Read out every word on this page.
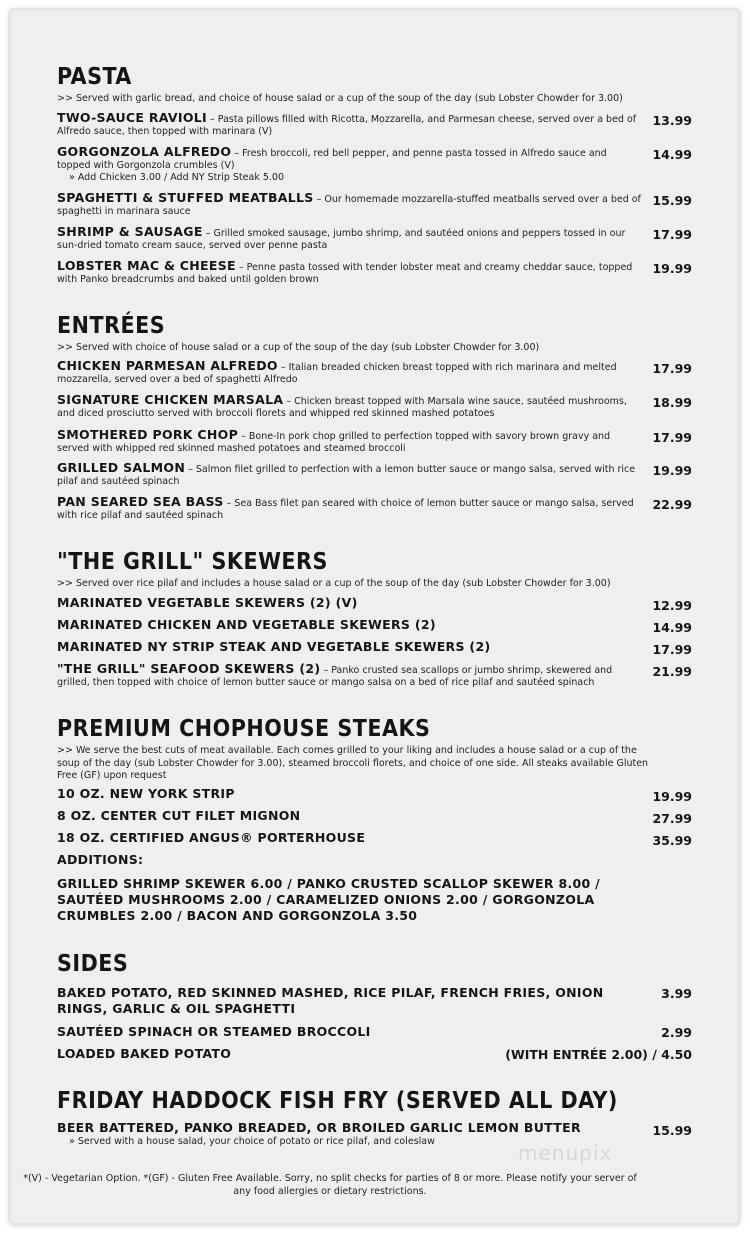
PASTA
>> Served with garlic bread, and choice of house salad or a cup of the soup of the day (sub Lobster Chowder for 3.00)
TWO-SAUCE RAVIOLI – Pasta pillows filled with Ricotta, Mozzarella, and Parmesan cheese, served over a bed of Alfredo sauce, then topped with marinara (V)
13.99
GORGONZOLA ALFREDO – Fresh broccoli, red bell pepper, and penne pasta tossed in Alfredo sauce and topped with Gorgonzola crumbles (V)
» Add Chicken 3.00 / Add NY Strip Steak 5.00
14.99
SPAGHETTI & STUFFED MEATBALLS – Our homemade mozzarella-stuffed meatballs served over a bed of spaghetti in marinara sauce
15.99
SHRIMP & SAUSAGE – Grilled smoked sausage, jumbo shrimp, and sautéed onions and peppers tossed in our sun-dried tomato cream sauce, served over penne pasta
17.99
LOBSTER MAC & CHEESE – Penne pasta tossed with tender lobster meat and creamy cheddar sauce, topped with Panko breadcrumbs and baked until golden brown
19.99
ENTRÉES
>> Served with choice of house salad or a cup of the soup of the day (sub Lobster Chowder for 3.00)
CHICKEN PARMESAN ALFREDO – Italian breaded chicken breast topped with rich marinara and melted mozzarella, served over a bed of spaghetti Alfredo
17.99
SIGNATURE CHICKEN MARSALA – Chicken breast topped with Marsala wine sauce, sautéed mushrooms, and diced prosciutto served with broccoli florets and whipped red skinned mashed potatoes
18.99
SMOTHERED PORK CHOP – Bone-In pork chop grilled to perfection topped with savory brown gravy and served with whipped red skinned mashed potatoes and steamed broccoli
17.99
GRILLED SALMON – Salmon filet grilled to perfection with a lemon butter sauce or mango salsa, served with rice pilaf and sautéed spinach
19.99
PAN SEARED SEA BASS – Sea Bass filet pan seared with choice of lemon butter sauce or mango salsa, served with rice pilaf and sautéed spinach
22.99
"THE GRILL" SKEWERS
>> Served over rice pilaf and includes a house salad or a cup of the soup of the day (sub Lobster Chowder for 3.00)
MARINATED VEGETABLE SKEWERS (2) (V)	12.99
MARINATED CHICKEN AND VEGETABLE SKEWERS (2)	14.99
MARINATED NY STRIP STEAK AND VEGETABLE SKEWERS (2)	17.99
"THE GRILL" SEAFOOD SKEWERS (2) – Panko crusted sea scallops or jumbo shrimp, skewered and grilled, then topped with choice of lemon butter sauce or mango salsa on a bed of rice pilaf and sautéed spinach
21.99
PREMIUM CHOPHOUSE STEAKS
>> We serve the best cuts of meat available. Each comes grilled to your liking and includes a house salad or a cup of the soup of the day (sub Lobster Chowder for 3.00), steamed broccoli florets, and choice of one side. All steaks available Gluten Free (GF) upon request
10 OZ. NEW YORK STRIP	19.99
8 OZ. CENTER CUT FILET MIGNON	27.99
18 OZ. CERTIFIED ANGUS® PORTERHOUSE	35.99
ADDITIONS:
GRILLED SHRIMP SKEWER 6.00 / PANKO CRUSTED SCALLOP SKEWER 8.00 / SAUTÉED MUSHROOMS 2.00 / CARAMELIZED ONIONS 2.00 / GORGONZOLA CRUMBLES 2.00 / BACON AND GORGONZOLA 3.50
SIDES
BAKED POTATO, RED SKINNED MASHED, RICE PILAF, FRENCH FRIES, ONION RINGS, GARLIC & OIL SPAGHETTI
3.99
SAUTÉED SPINACH OR STEAMED BROCCOLI	2.99
LOADED BAKED POTATO	(WITH ENTRÉE 2.00) / 4.50
FRIDAY HADDOCK FISH FRY (SERVED ALL DAY)
BEER BATTERED, PANKO BREADED, OR BROILED GARLIC LEMON BUTTER
» Served with a house salad, your choice of potato or rice pilaf, and coleslaw
15.99
menupix
*(V) - Vegetarian Option. *(GF) - Gluten Free Available. Sorry, no split checks for parties of 8 or more. Please notify your server of any food allergies or dietary restrictions.
